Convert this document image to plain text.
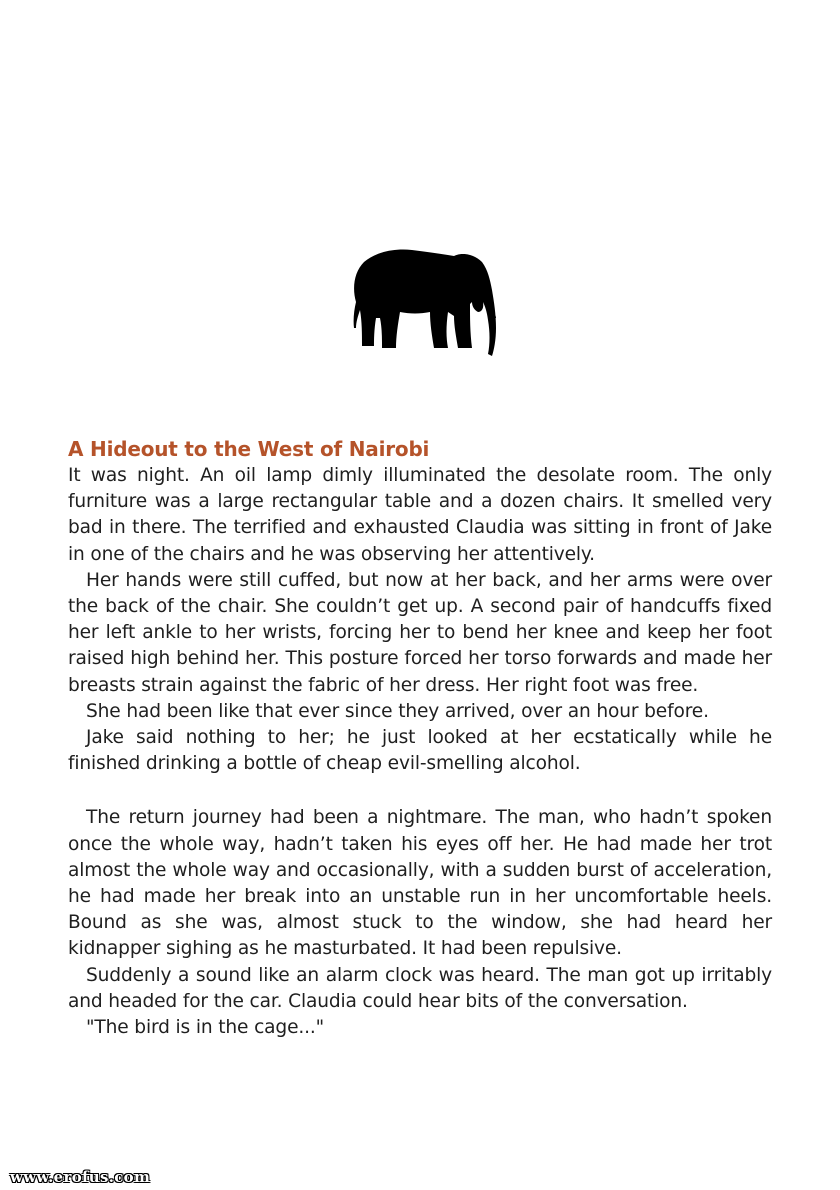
A Hideout to the West of Nairobi

It was night. An oil lamp dimly illuminated the desolate room. The only furniture was a large rectangular table and a dozen chairs. It smelled very bad in there. The terrified and exhausted Claudia was sitting in front of Jake in one of the chairs and he was observing her attentively.

Her hands were still cuffed, but now at her back, and her arms were over the back of the chair. She couldn’t get up. A second pair of handcuffs fixed her left ankle to her wrists, forcing her to bend her knee and keep her foot raised high behind her. This posture forced her torso forwards and made her breasts strain against the fabric of her dress. Her right foot was free.

She had been like that ever since they arrived, over an hour before.

Jake said nothing to her; he just looked at her ecstatically while he finished drinking a bottle of cheap evil-smelling alcohol.

The return journey had been a nightmare. The man, who hadn’t spoken once the whole way, hadn’t taken his eyes off her. He had made her trot almost the whole way and occasionally, with a sudden burst of acceleration, he had made her break into an unstable run in her uncomfortable heels. Bound as she was, almost stuck to the window, she had heard her kidnapper sighing as he masturbated. It had been repulsive.

Suddenly a sound like an alarm clock was heard. The man got up irritably and headed for the car. Claudia could hear bits of the conversation.

"The bird is in the cage..."

www.erofus.com
